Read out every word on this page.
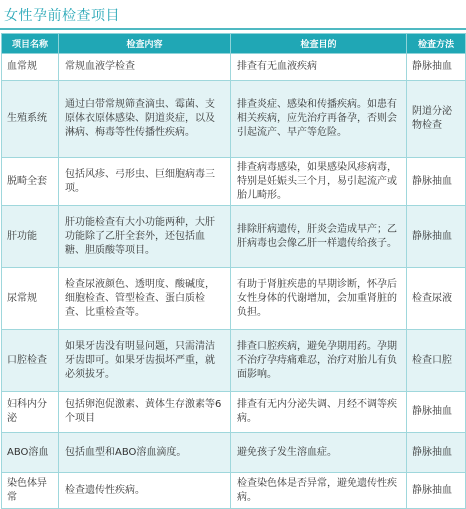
女性孕前检查项目
项目名称	检查内容	检查目的	检查方法
血常规	常规血液学检查	排查有无血液疾病	静脉抽血
生殖系统	通过白带常规筛查滴虫、霉菌、支原体衣原体感染、阴道炎症，以及淋病、梅毒等性传播性疾病。	排查炎症、感染和传播疾病。如患有相关疾病，应先治疗再备孕，否则会引起流产、早产等危险。	阴道分泌物检查
脱畸全套	包括风疹、弓形虫、巨细胞病毒三项。	排查病毒感染，如果感染风疹病毒，特别是妊娠头三个月，易引起流产或胎儿畸形。	静脉抽血
肝功能	肝功能检查有大小功能两种，大肝功能除了乙肝全套外，还包括血糖、胆质酸等项目。	排除肝病遗传，肝炎会造成早产；乙肝病毒也会像乙肝一样遗传给孩子。	静脉抽血
尿常规	检查尿液颜色、透明度、酸碱度，细胞检查、管型检查、蛋白质检查、比重检查等。	有助于肾脏疾患的早期诊断，怀孕后女性身体的代谢增加，会加重肾脏的负担。	检查尿液
口腔检查	如果牙齿没有明显问题，只需清洁牙齿即可。如果牙齿损坏严重，就必须拔牙。	排查口腔疾病，避免孕期用药。孕期不治疗孕痔痛难忍，治疗对胎儿有负面影响。	检查口腔
妇科内分泌	包括卵泡促激素、黄体生存激素等6个项目	排查有无内分泌失调、月经不调等疾病。	静脉抽血
ABO溶血	包括血型和ABO溶血滴度。	避免孩子发生溶血症。	静脉抽血
染色体异常	检查遗传性疾病。	检查染色体是否异常，避免遗传性疾病。	静脉抽血
